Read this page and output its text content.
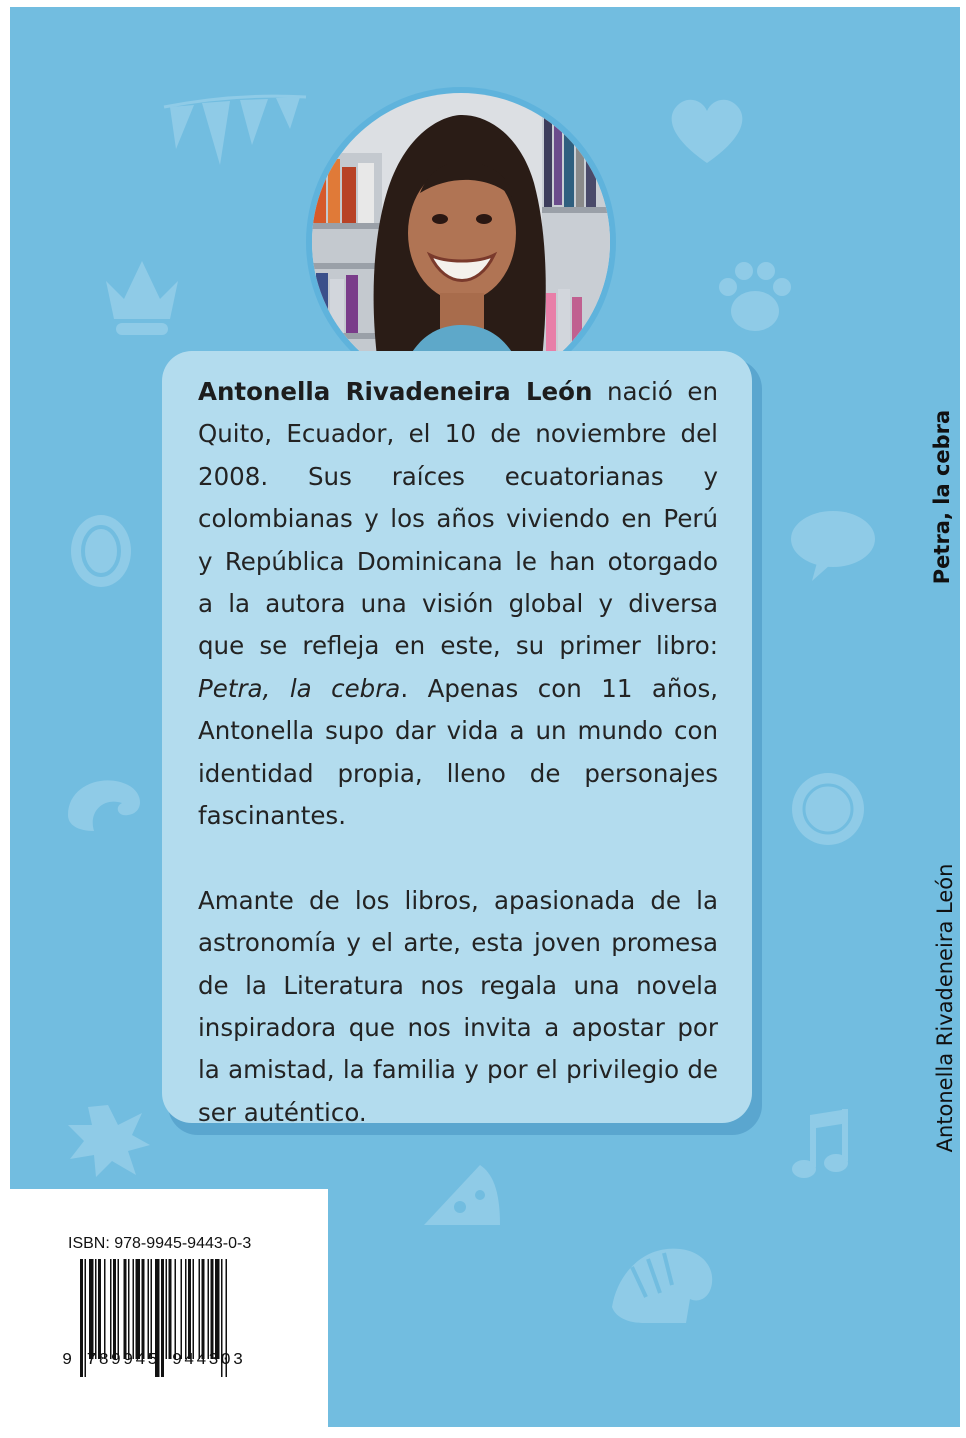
Antonella Rivadeneira León nació en Quito, Ecuador, el 10 de noviembre del 2008. Sus raíces ecuatorianas y colombianas y los años viviendo en Perú y República Dominicana le han otorgado a la autora una visión global y diversa que se refleja en este, su primer libro: Petra, la cebra. Apenas con 11 años, Antonella supo dar vida a un mundo con identidad propia, lleno de personajes fascinantes.

Amante de los libros, apasionada de la astronomía y el arte, esta joven promesa de la Literatura nos regala una novela inspiradora que nos invita a apostar por la amistad, la familia y por el privilegio de ser auténtico.

Petra, la cebra
Antonella Rivadeneira León
ISBN: 978-9945-9443-0-3
9 789945 944303
